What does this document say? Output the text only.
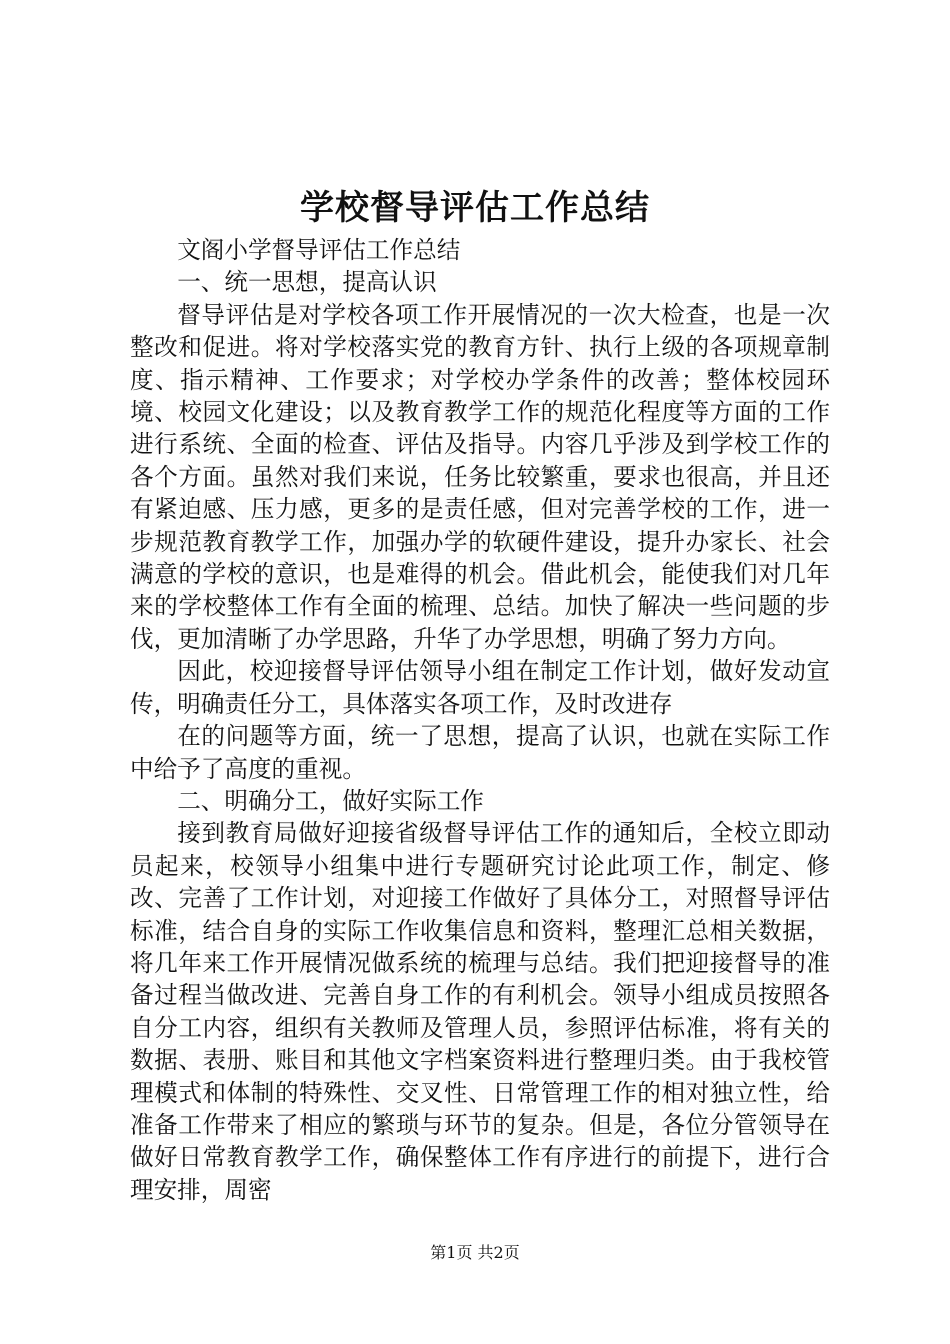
学校督导评估工作总结

文阁小学督导评估工作总结

一、统一思想，提高认识

督导评估是对学校各项工作开展情况的一次大检查，也是一次整改和促进。将对学校落实党的教育方针、执行上级的各项规章制度、指示精神、工作要求；对学校办学条件的改善；整体校园环境、校园文化建设；以及教育教学工作的规范化程度等方面的工作进行系统、全面的检查、评估及指导。内容几乎涉及到学校工作的各个方面。虽然对我们来说，任务比较繁重，要求也很高，并且还有紧迫感、压力感，更多的是责任感，但对完善学校的工作，进一步规范教育教学工作，加强办学的软硬件建设，提升办家长、社会满意的学校的意识，也是难得的机会。借此机会，能使我们对几年来的学校整体工作有全面的梳理、总结。加快了解决一些问题的步伐，更加清晰了办学思路，升华了办学思想，明确了努力方向。

因此，校迎接督导评估领导小组在制定工作计划，做好发动宣传，明确责任分工，具体落实各项工作，及时改进存

在的问题等方面，统一了思想，提高了认识，也就在实际工作中给予了高度的重视。

二、明确分工，做好实际工作

接到教育局做好迎接省级督导评估工作的通知后，全校立即动员起来，校领导小组集中进行专题研究讨论此项工作，制定、修改、完善了工作计划，对迎接工作做好了具体分工，对照督导评估标准，结合自身的实际工作收集信息和资料，整理汇总相关数据，将几年来工作开展情况做系统的梳理与总结。我们把迎接督导的准备过程当做改进、完善自身工作的有利机会。领导小组成员按照各自分工内容，组织有关教师及管理人员，参照评估标准，将有关的数据、表册、账目和其他文字档案资料进行整理归类。由于我校管理模式和体制的特殊性、交叉性、日常管理工作的相对独立性，给准备工作带来了相应的繁琐与环节的复杂。但是，各位分管领导在做好日常教育教学工作，确保整体工作有序进行的前提下，进行合理安排，周密

第1页 共2页
